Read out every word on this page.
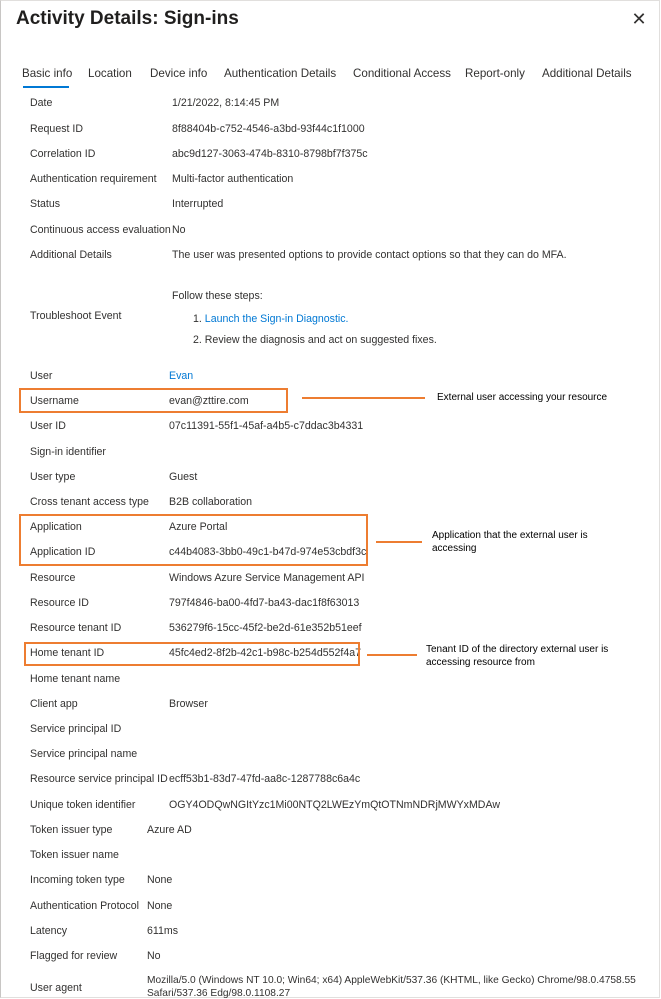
Activity Details: Sign-ins	✕
Basic info Location Device info Authentication Details Conditional Access Report-only Additional Details
Date	1/21/2022, 8:14:45 PM
Request ID	8f88404b-c752-4546-a3bd-93f44c1f1000
Correlation ID	abc9d127-3063-474b-8310-8798bf7f375c
Authentication requirement Multi-factor authentication
Status	Interrupted
Continuous access evaluation No
Additional Details	The user was presented options to provide contact options so that they can do MFA.
Troubleshoot Event
Follow these steps:
1. Launch the Sign-in Diagnostic.
2. Review the diagnosis and act on suggested fixes.
User	Evan
Username	evan@zttire.com
User ID	07c11391-55f1-45af-a4b5-c7ddac3b4331
Sign-in identifier
User type	Guest
Cross tenant access type B2B collaboration
Application	Azure Portal
Application ID	c44b4083-3bb0-49c1-b47d-974e53cbdf3c
Resource	Windows Azure Service Management API
Resource ID	797f4846-ba00-4fd7-ba43-dac1f8f63013
Resource tenant ID	536279f6-15cc-45f2-be2d-61e352b51eef
Home tenant ID	45fc4ed2-8f2b-42c1-b98c-b254d552f4a7
Home tenant name
Client app	Browser
Service principal ID
Service principal name
Resource service principal ID ecff53b1-83d7-47fd-aa8c-1287788c6a4c
Unique token identifier	OGY4ODQwNGItYzc1Mi00NTQ2LWEzYmQtOTNmNDRjMWYxMDAw
Token issuer type	Azure AD
Token issuer name
Incoming token type None
Authentication Protocol None
Latency	611ms
Flagged for review	No
User agent
Mozilla/5.0 (Windows NT 10.0; Win64; x64) AppleWebKit/537.36 (KHTML, like Gecko) Chrome/98.0.4758.55
Safari/537.36 Edg/98.0.1108.27
External user accessing your resource
Application that the external user is
accessing
Tenant ID of the directory external user is
accessing resource from
